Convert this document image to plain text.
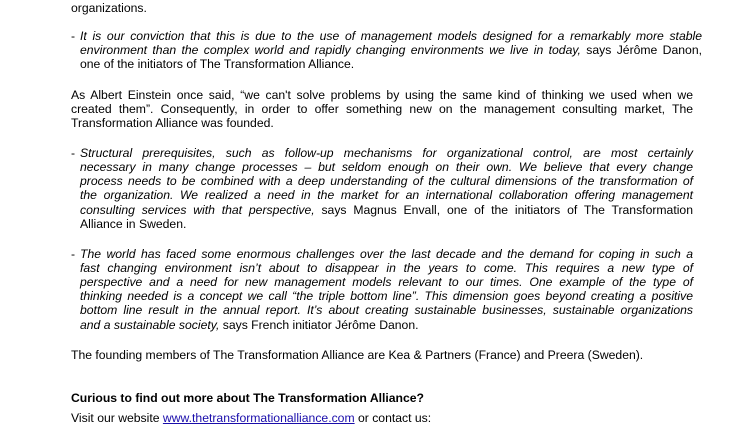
organizations.
- It is our conviction that this is due to the use of management models designed for a remarkably more stable
environment than the complex world and rapidly changing environments we live in today, says Jérôme Danon,
one of the initiators of The Transformation Alliance.
As Albert Einstein once said, “we can't solve problems by using the same kind of thinking we used when we
created them”. Consequently, in order to offer something new on the management consulting market, The
Transformation Alliance was founded.
- Structural prerequisites, such as follow-up mechanisms for organizational control, are most certainly
necessary in many change processes – but seldom enough on their own. We believe that every change
process needs to be combined with a deep understanding of the cultural dimensions of the transformation of
the organization. We realized a need in the market for an international collaboration offering management
consulting services with that perspective, says Magnus Envall, one of the initiators of The Transformation
Alliance in Sweden.
- The world has faced some enormous challenges over the last decade and the demand for coping in such a
fast changing environment isn’t about to disappear in the years to come. This requires a new type of
perspective and a need for new management models relevant to our times. One example of the type of
thinking needed is a concept we call “the triple bottom line”. This dimension goes beyond creating a positive
bottom line result in the annual report. It’s about creating sustainable businesses, sustainable organizations
and a sustainable society, says French initiator Jérôme Danon.
The founding members of The Transformation Alliance are Kea & Partners (France) and Preera (Sweden).
Curious to find out more about The Transformation Alliance?
Visit our website www.thetransformationalliance.com or contact us:
